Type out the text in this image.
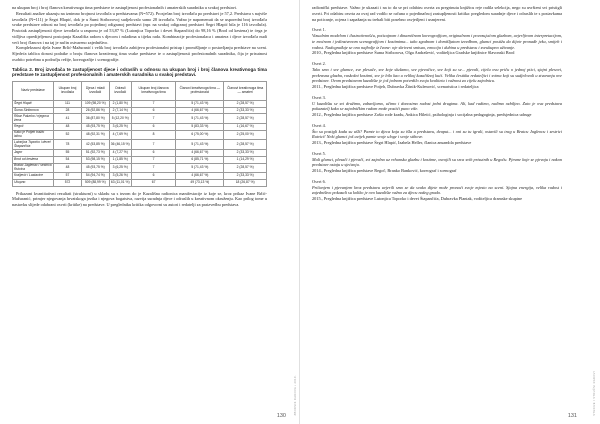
na ukupan broj i broj članova kreativnoga tima predstave te zastupljenost profesionalnih i amaterskih suradnika u svakoj predstavi.

Rezultati analize ukazuju na iznimno brojnost izvođača u predstavama (N=572). Prosječan broj izvođača po predstavi je 57,2. Predstava s najviše izvođača (N=111) je Šegrt Hlapić, dok je u Šumi Striborovoj sudjelovalo samo 28 izvođača. Važno je napomenuti da se usporedni broj izvođača svake predstave odnosi na broj izvođača po pojedinoj odigranoj predstavi (npr. na svakoj odigranoj predstavi Šegrt Hlapić bila je 116 izvođača). Postotak zastupljenosti djece izvođača u rasponu je od 53,87 % (Lutonjica Toporko i devet Štapančića) do 98,16 % (Brod od kestena) te ćega je vidljiva opredijeljenost postojanja Kazališta radom s djecom i mladima u tijeku rada. Kombinacije profesionalaca i amatera i djece izvođača nudi veći broj članova i na taj je način ostvareno zajedništvo.

Kompleksnost djela Ivane Brlić-Mažuranić i velik broj izvođača zahtijeva profesionalni pristup i promišljanje o postavljanju predstave na sceni. Sljedeća tablica donosi podatke o broju članova kreativnog tima svake predstave te o zastupljenosti profesionalnih suradnika, čija je prisutnost osobito potrebna u području režije, koreografije i scenografije.

Tablica 2. Broj izvođača te zastupljenost djece i odraslih u odnosu na ukupan broj i broj članova kreativnoga tima predstave te zastupljenost profesionalnih i amaterskih suradnika u svakoj predstavi.

Naziv predstave	Ukupan broj izvođača	Djeca i mladi izvođači	Odrasli izvođači	Ukupan broj članova kreativnoga tima	Članovi kreativnoga tima — profesionalci	Članovi kreativnoga tima — amateri
Šegrt Hlapić	111	109 (98,20 %)	2 (1,80 %)	7	5 (71,43 %)	2 (28,57 %)
Šuma Striborova	28	26 (92,86 %)	2 (7,14 %)	6	4 (66,67 %)	2 (33,33 %)
Ribar Palunko i njegova žena	41	36 (87,80 %)	5 (12,20 %)	7	5 (71,43 %)	2 (28,57 %)
Regoč	48	45 (93,75 %)	3 (6,25 %)	6	5 (83,33 %)	1 (16,67 %)
Kako je Potjeh tražio istinu	52	48 (92,31 %)	4 (7,69 %)	8	6 (75,00 %)	2 (25,00 %)
Lutonjica Toporko i devet Štapančića	78	42 (53,85 %)	36 (46,15 %)	7	5 (71,43 %)	2 (28,57 %)
Jagor	55	51 (92,73 %)	4 (7,27 %)	6	4 (66,67 %)	2 (33,33 %)
Brod od kestena	54	53 (98,15 %)	1 (1,85 %)	7	6 (85,71 %)	1 (14,29 %)
Bratac Jaglenac i sestrica Rutvica	48	45 (93,75 %)	3 (6,25 %)	7	5 (71,43 %)	2 (28,57 %)
Kraljević i Lastavice	57	54 (94,74 %)	3 (5,26 %)	6	4 (66,67 %)	2 (33,33 %)
Ukupno	572	509 (88,99 %)	63 (11,01 %)	67	49 (73,13 %)	18 (26,87 %)

Prikazani kvantitativni rezultati (strukturni) u skladu su s tezom do je Kazališna radionica manifestacije iz koje se, kroz prikaz Ivane Brlić-Mažuranić, primjer njegovanja hrvatskoga jezika i njegova bogatstva, razvija suradnja djece i odraslih u kreativnom okruženju. Kao prilog tome u nastavku slijede odabrani osvrti (kritike) na predstave. U pregledniku kritika odgovorni su autori i redatelji za praizvedbu predstava.

ZBORNIK RADOVA • 2019.
130

radionički predstave. Važno je ukazati i na to da se pri odabiru osvrta za pregrinutu knjižicu reje radila selekcija, nego su uvršteni svi pristigli osvrti. Pri odabiru osvrta za ovaj rad vodilo se računa o pojedinačnoj zastupljenosti kritika: pregledom suradnje djece i odraslih te s postavkama na poticanje, ocjena i zapažanja su trebali biti posebno osvjetljeni i usmjereni.

Osvrt 1.

Vizualnim modelom i ilustrativnošću, poticajnom i dinamičnom koreografijom, originalnom i povezujućom glazbom, uvjerljivom interpretacijom, te moćnom i jedinstvenom scenografijom i kostimima... tako zgodnom i domišljatom izvedbom, glumci postižu da dijete pronađe jeku, smijeh i radost. Nadograđuje se ono najbolje iz Ivane: nje skriveni smisao, emocija i dubina u predstavu i sveukupno uživanje.

2010., Pregledna knjižica predstave Šuma Striborova, Olga Andrašević, voditeljica Gradske knjižnice Slavonski Brod

Osvrt 2.

Tako smo i sve glumce, sve plesače, sve koje slušamo, sve pjevačice, sve koji su se... pjevali, cijelu ovu priču o jednoj ptici, sjajni plesovi, prekrasna glazba, raskošni kostimi, sve je bilo kao u velikoj kazališnoj kući. Velika čestitka redateljici i svima koji su sudjelovali u stvaranju ove predstave. Ovom predstavom kazalište je još jednom potvrdilo svoju kvalitetu i važnost za cijelu zajednicu.

2011., Pregledna knjižica predstave Potjeh, Dubravka Žitnik-Kulenović, scenaristica i redateljica

Osvrt 3.

U kazalištu se svi družimo, zabavljamo, učimo i donosimo radost jedni drugima. Ali, kad radimo, radimo ozbiljno. Zato je ova predstava pokazatelj kako se zajedničkim radom može postići puno više.

2012., Pregledna knjižica predstave Zašto rode kradu, Ankica Hiletić, psihologinja i socijalna pedagoginja, predsjednica udruge

Osvrt 4.

Što su postigli kada su ušli? Pamte to djeca koja su išla u predstavu, dvaput... i oni su tu igrali, ostavili su trag u Bratcu Jaglencu i sestrici Rutvici! Neki glumci još uvijek pamte svoje uloge i svoje stihove.

2013., Pregledna knjižica predstave Šegrt Hlapić, Izabela Heller, članica ansambla predstave

Osvrt 5.

Mali glumci, plesači i pjevači, svi zajedno uz vrhunsku glazbu i kostime, osvojili su srca svih prisutnih u Regoču. Pjesme koje se pjevaju i nakon predstave ostaju u sjećanju.

2014., Pregledna knjižica predstave Regoč, Branko Banković, koreograf i scenograf

Osvrt 6.

Pričanjem i pjevanjem kroz predstavu uvjerili smo se da svako dijete može pronaći svoje mjesto na sceni. Sjajna energija, velika radost i zajedništvo pokazali su koliko je ovo kazalište važno za djecu našeg grada.

2015., Pregledna knjižica predstave Lutonjica Toporko i devet Štapančića, Dubravka Plantak, voditeljica dramske skupine

STUDIJE I STRUČNI RADOVI
131
